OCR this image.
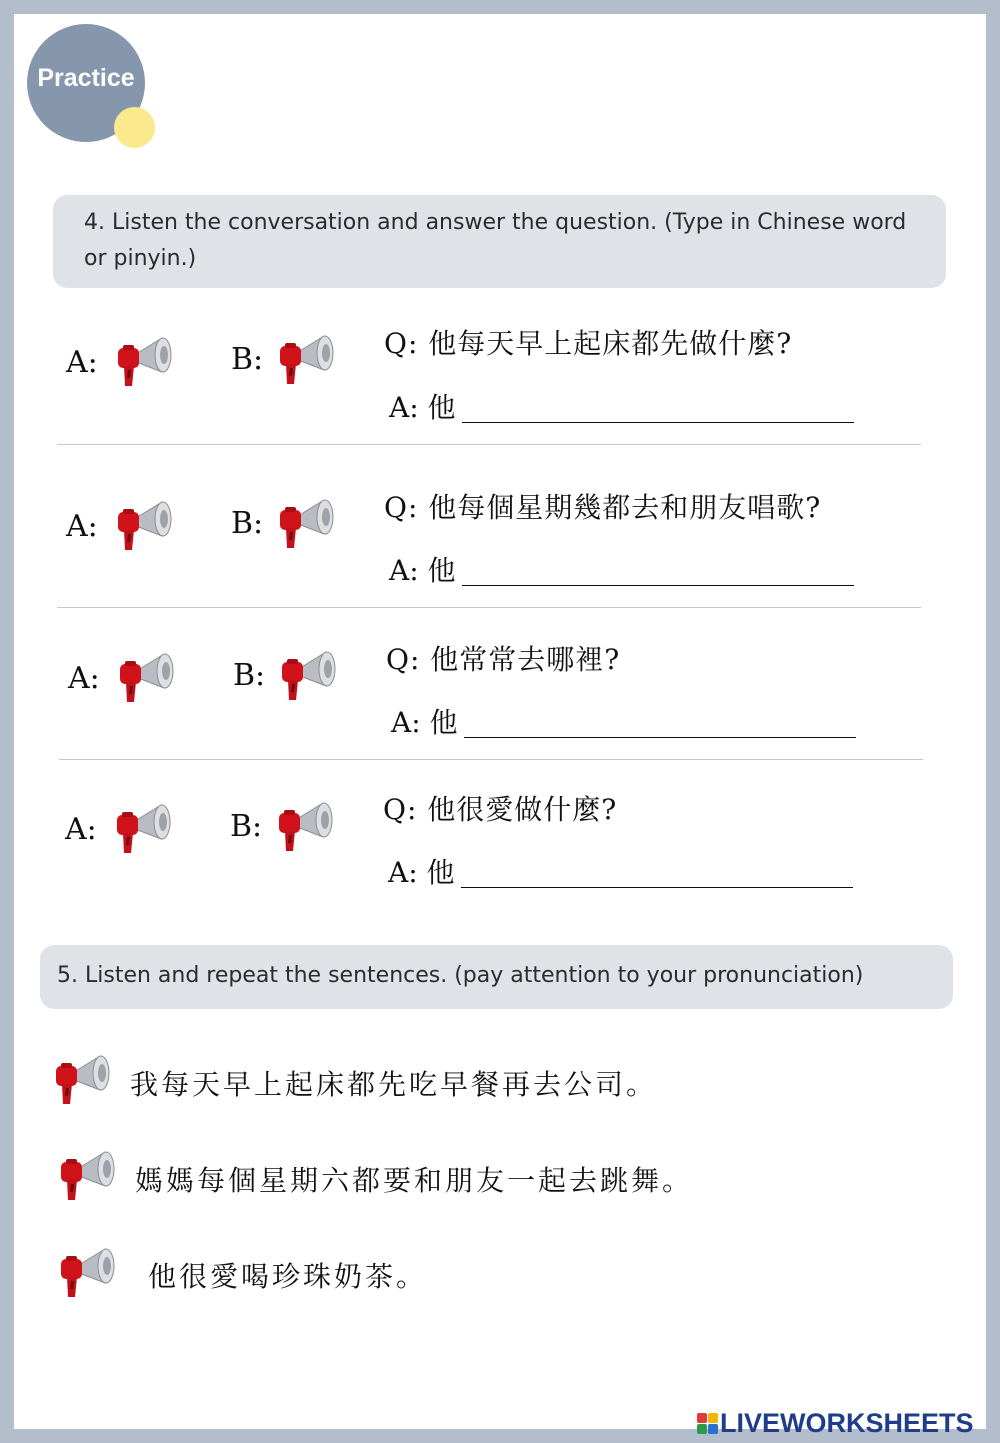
Practice
4. Listen the conversation and answer the question. (Type in Chinese word or pinyin.)
A:	B:	Q: 他每天早上起床都先做什麼?
A: 他
A:	B:	Q: 他每個星期幾都去和朋友唱歌?
A: 他
A:	B:	Q: 他常常去哪裡?
A: 他
A:	B:	Q: 他很愛做什麼?
A: 他
5. Listen and repeat the sentences. (pay attention to your pronunciation)
我每天早上起床都先吃早餐再去公司。
媽媽每個星期六都要和朋友一起去跳舞。
他很愛喝珍珠奶茶。
LIVEWORKSHEETS
